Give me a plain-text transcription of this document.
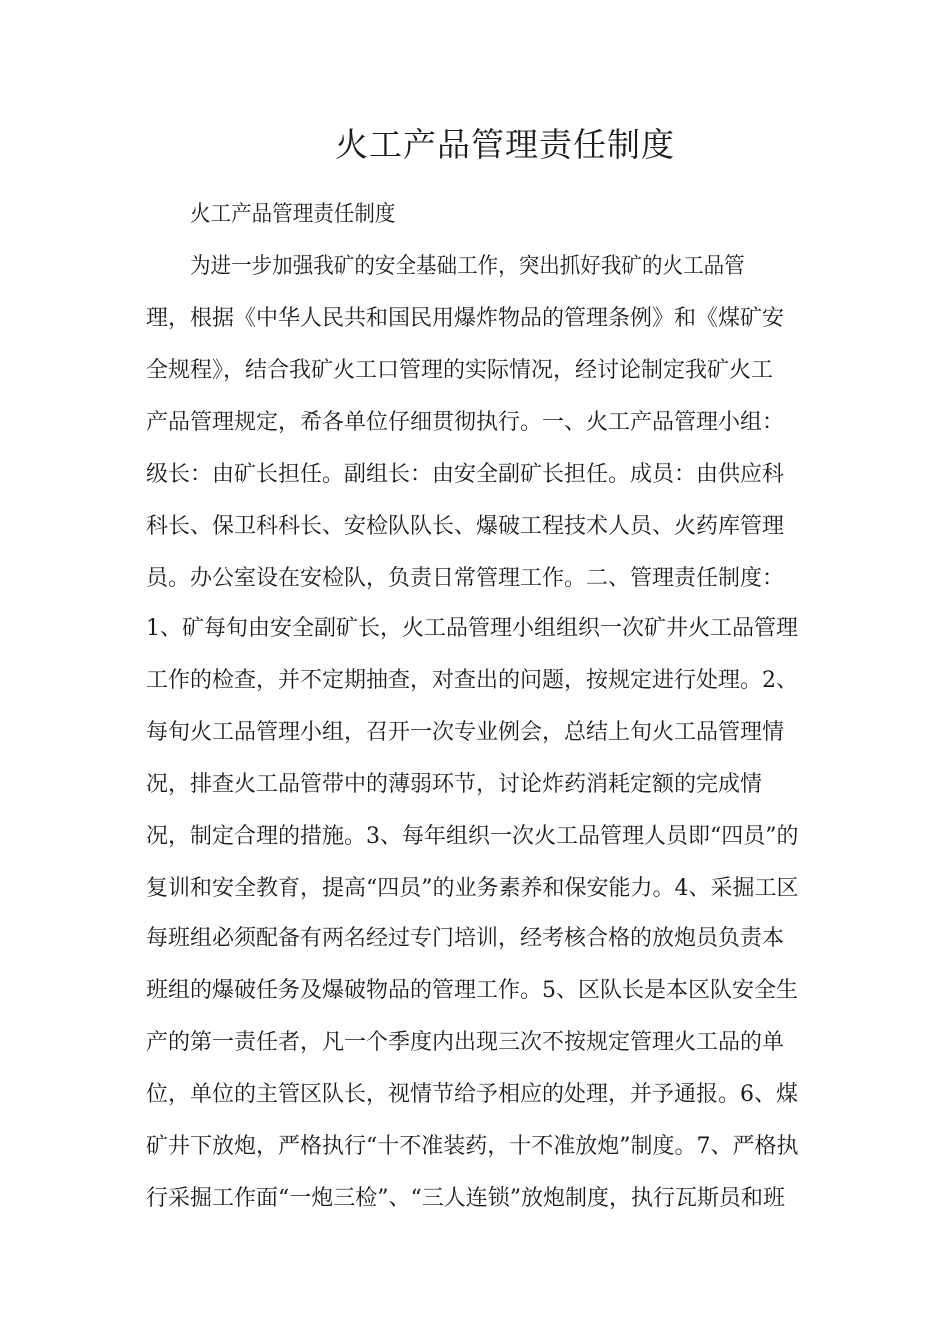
火工产品管理责任制度
火工产品管理责任制度
为进一步加强我矿的安全基础工作，突出抓好我矿的火工品管
理，根据《中华人民共和国民用爆炸物品的管理条例》和《煤矿安
全规程》，结合我矿火工口管理的实际情况，经讨论制定我矿火工
产品管理规定，希各单位仔细贯彻执行。一、火工产品管理小组：
级长：由矿长担任。副组长：由安全副矿长担任。成员：由供应科
科长、保卫科科长、安检队队长、爆破工程技术人员、火药库管理
员。办公室设在安检队，负责日常管理工作。二、管理责任制度：
1、矿每旬由安全副矿长，火工品管理小组组织一次矿井火工品管理
工作的检查，并不定期抽查，对查出的问题，按规定进行处理。2、
每旬火工品管理小组，召开一次专业例会，总结上旬火工品管理情
况，排查火工品管带中的薄弱环节，讨论炸药消耗定额的完成情
况，制定合理的措施。3、每年组织一次火工品管理人员即“四员”的
复训和安全教育，提高“四员”的业务素养和保安能力。4、采掘工区
每班组必须配备有两名经过专门培训，经考核合格的放炮员负责本
班组的爆破任务及爆破物品的管理工作。5、区队长是本区队安全生
产的第一责任者，凡一个季度内出现三次不按规定管理火工品的单
位，单位的主管区队长，视情节给予相应的处理，并予通报。6、煤
矿井下放炮，严格执行“十不准装药，十不准放炮”制度。7、严格执
行采掘工作面“一炮三检”、“三人连锁”放炮制度，执行瓦斯员和班
